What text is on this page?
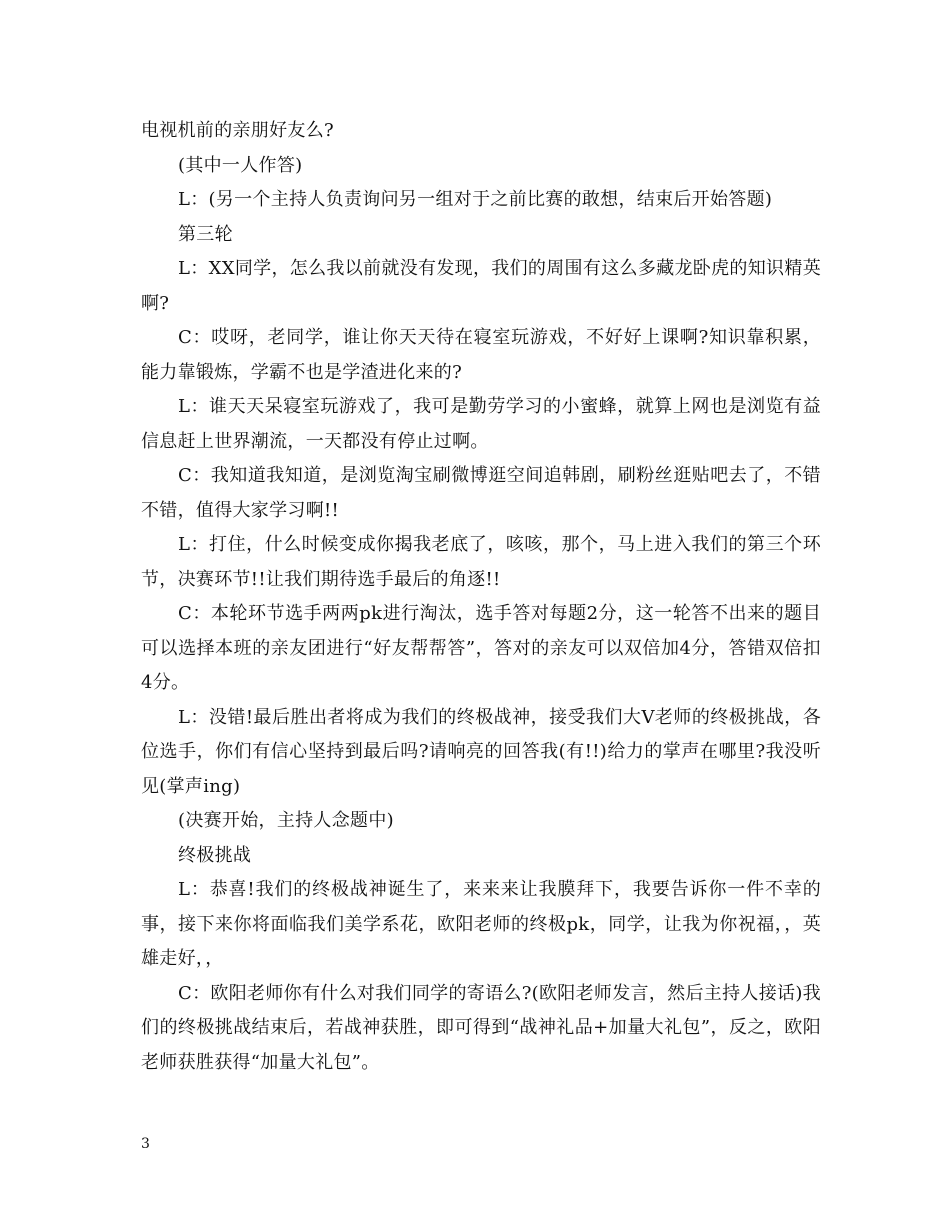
电视机前的亲朋好友么?

(其中一人作答)

L：(另一个主持人负责询问另一组对于之前比赛的敢想，结束后开始答题)

第三轮

L：XX同学，怎么我以前就没有发现，我们的周围有这么多藏龙卧虎的知识精英啊?

C：哎呀，老同学，谁让你天天待在寝室玩游戏，不好好上课啊?知识靠积累，能力靠锻炼，学霸不也是学渣进化来的?

L：谁天天呆寝室玩游戏了，我可是勤劳学习的小蜜蜂，就算上网也是浏览有益信息赶上世界潮流，一天都没有停止过啊。

C：我知道我知道，是浏览淘宝刷微博逛空间追韩剧，刷粉丝逛贴吧去了，不错不错，值得大家学习啊!!

L：打住，什么时候变成你揭我老底了，咳咳，那个，马上进入我们的第三个环节，决赛环节!!让我们期待选手最后的角逐!!

C：本轮环节选手两两pk进行淘汰，选手答对每题2分，这一轮答不出来的题目可以选择本班的亲友团进行“好友帮帮答”，答对的亲友可以双倍加4分，答错双倍扣4分。

L：没错!最后胜出者将成为我们的终极战神，接受我们大V老师的终极挑战，各位选手，你们有信心坚持到最后吗?请响亮的回答我(有!!)给力的掌声在哪里?我没听见(掌声ing)

(决赛开始，主持人念题中)

终极挑战

L：恭喜!我们的终极战神诞生了，来来来让我膜拜下，我要告诉你一件不幸的事，接下来你将面临我们美学系花，欧阳老师的终极pk，同学，让我为你祝福，，英雄走好，，

C：欧阳老师你有什么对我们同学的寄语么?(欧阳老师发言，然后主持人接话)我们的终极挑战结束后，若战神获胜，即可得到“战神礼品+加量大礼包”，反之，欧阳老师获胜获得“加量大礼包”。

3
